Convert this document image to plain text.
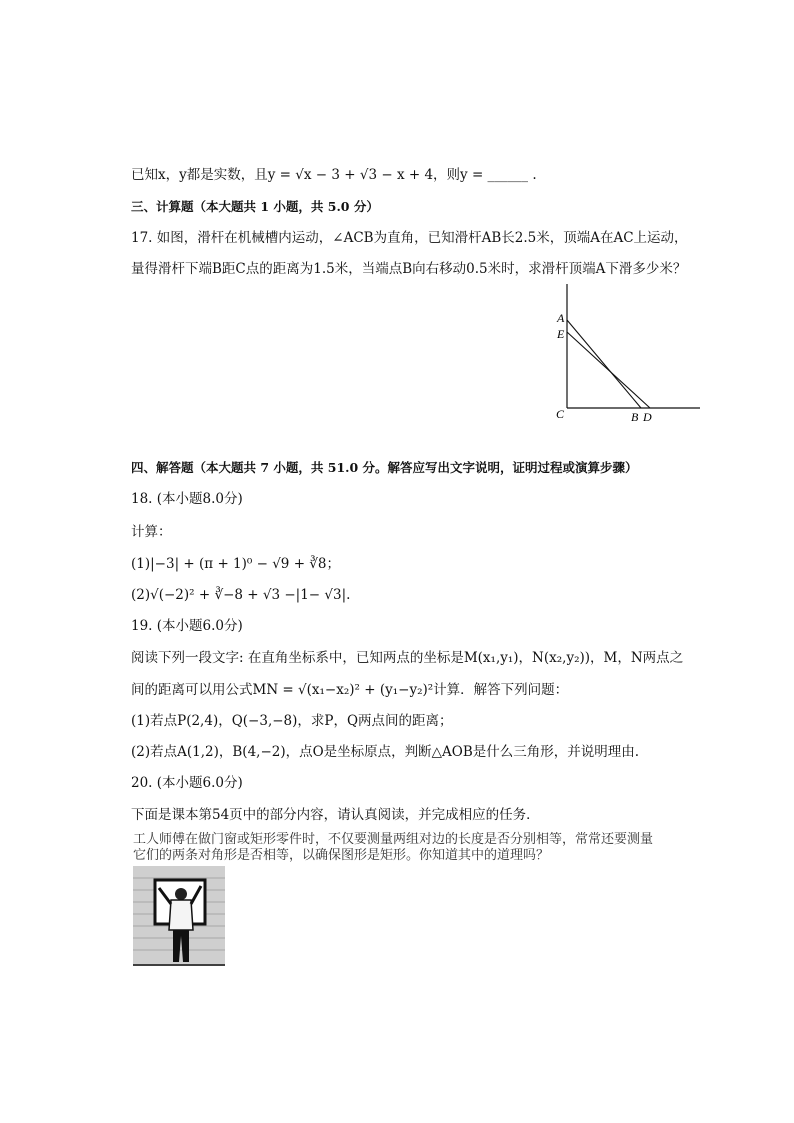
已知x，y都是实数，且y = √x − 3 + √3 − x + 4，则y = ______ .
三、计算题（本大题共 1 小题，共 5.0 分）
17. 如图，滑杆在机械槽内运动，∠ACB为直角，已知滑杆AB长2.5米，顶端A在AC上运动，
量得滑杆下端B距C点的距离为1.5米，当端点B向右移动0.5米时，求滑杆顶端A下滑多少米？
A
E
C	B D
四、解答题（本大题共 7 小题，共 51.0 分。解答应写出文字说明，证明过程或演算步骤）
18. (本小题8.0分)
计算：
(1)|−3| + (π + 1)⁰ − √9 + ∛8；
(2)√(−2)² + ∛−8 + √3 −|1− √3|.
19. (本小题6.0分)
阅读下列一段文字: 在直角坐标系中，已知两点的坐标是M(x₁,y₁)，N(x₂,y₂))，M，N两点之
间的距离可以用公式MN = √(x₁−x₂)² + (y₁−y₂)²计算．解答下列问题：
(1)若点P(2,4)，Q(−3,−8)，求P，Q两点间的距离；
(2)若点A(1,2)，B(4,−2)，点O是坐标原点，判断△AOB是什么三角形，并说明理由.
20. (本小题6.0分)
下面是课本第54页中的部分内容，请认真阅读，并完成相应的任务．
工人师傅在做门窗或矩形零件时，不仅要测量两组对边的长度是否分别相等，常常还要测量
它们的两条对角形是否相等，以确保图形是矩形。你知道其中的道理吗？
